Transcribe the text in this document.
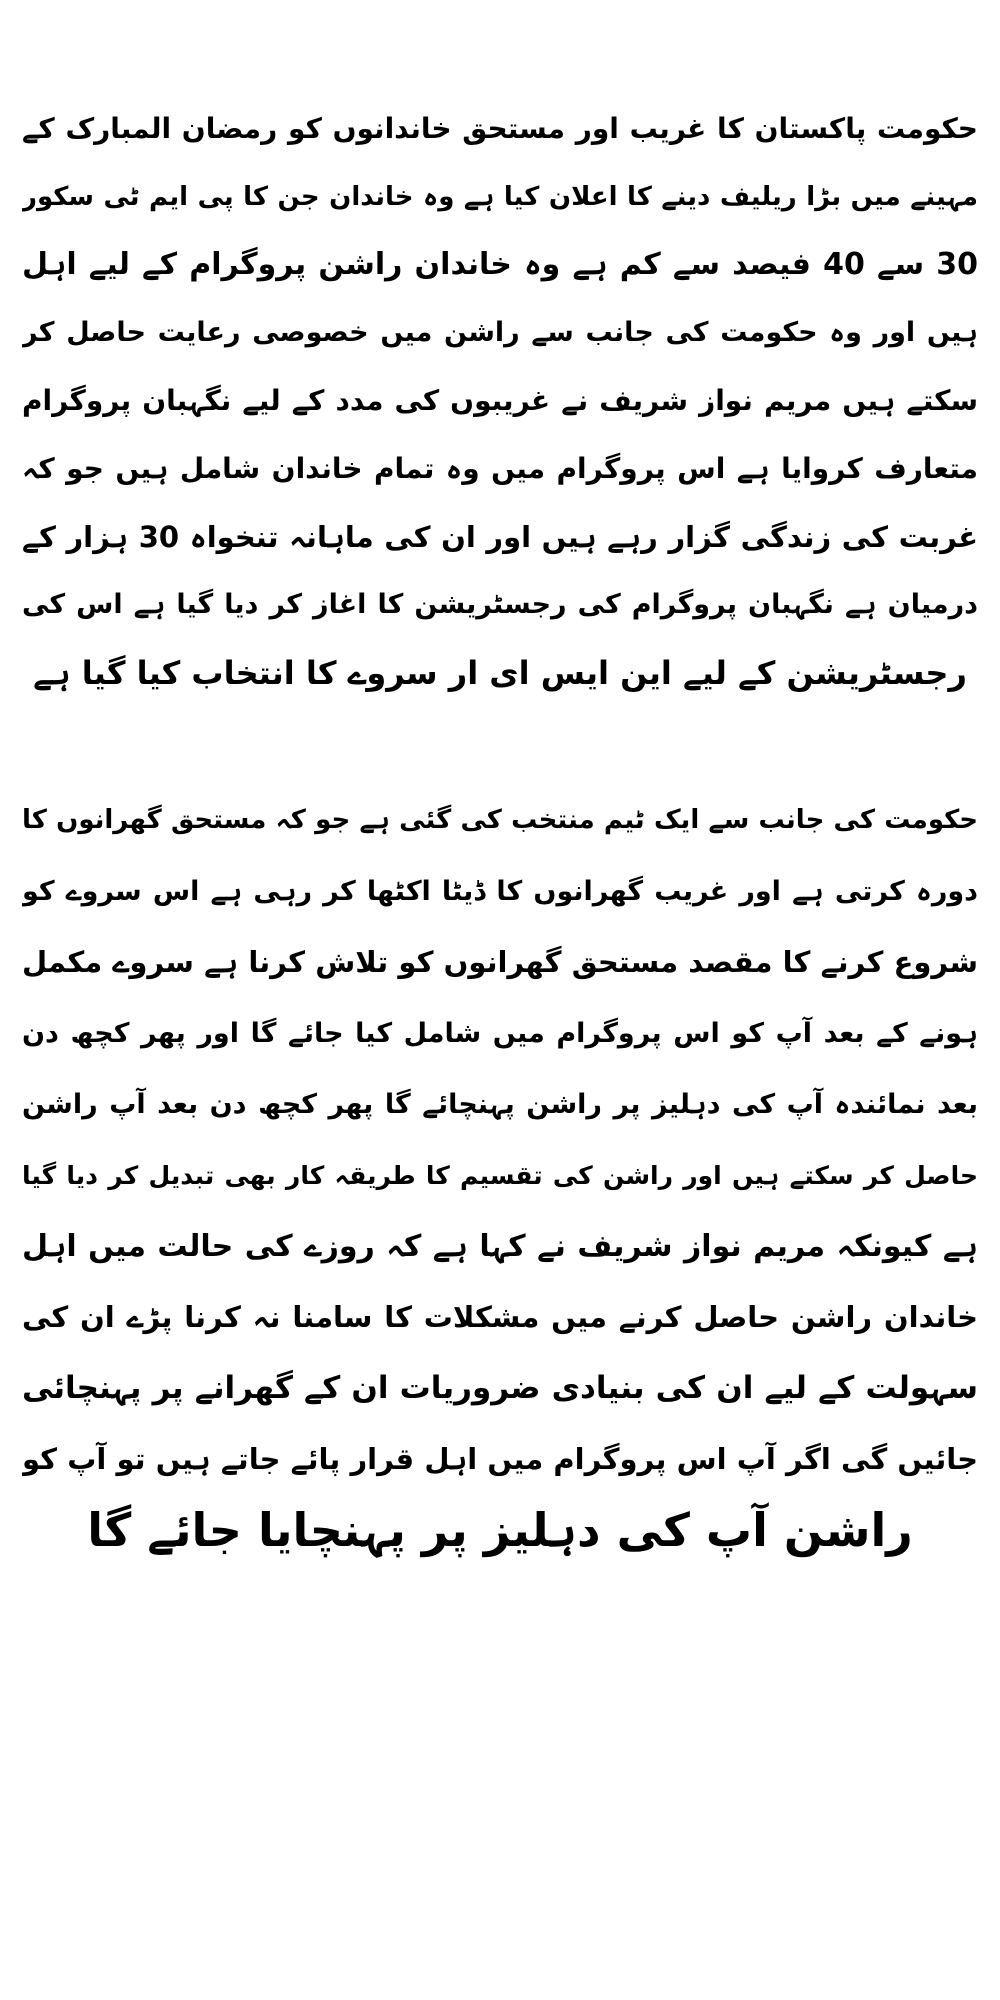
حکومت پاکستان کا غریب اور مستحق خاندانوں کو رمضان المبارک کے
مہینے میں بڑا ریلیف دینے کا اعلان کیا ہے وہ خاندان جن کا پی ایم ٹی سکور
30 سے 40 فیصد سے کم ہے وہ خاندان راشن پروگرام کے لیے اہل
ہیں اور وہ حکومت کی جانب سے راشن میں خصوصی رعایت حاصل کر
سکتے ہیں مریم نواز شریف نے غریبوں کی مدد کے لیے نگہبان پروگرام
متعارف کروایا ہے اس پروگرام میں وہ تمام خاندان شامل ہیں جو کہ
غربت کی زندگی گزار رہے ہیں اور ان کی ماہانہ تنخواہ 30 ہزار کے
درمیان ہے نگہبان پروگرام کی رجسٹریشن کا اغاز کر دیا گیا ہے اس کی
رجسٹریشن کے لیے این ایس ای ار سروے کا انتخاب کیا گیا ہے

حکومت کی جانب سے ایک ٹیم منتخب کی گئی ہے جو کہ مستحق گھرانوں کا
دورہ کرتی ہے اور غریب گھرانوں کا ڈیٹا اکٹھا کر رہی ہے اس سروے کو
شروع کرنے کا مقصد مستحق گھرانوں کو تلاش کرنا ہے سروے مکمل
ہونے کے بعد آپ کو اس پروگرام میں شامل کیا جائے گا اور پھر کچھ دن
بعد نمائندہ آپ کی دہلیز پر راشن پہنچائے گا پھر کچھ دن بعد آپ راشن
حاصل کر سکتے ہیں اور راشن کی تقسیم کا طریقہ کار بھی تبدیل کر دیا گیا
ہے کیونکہ مریم نواز شریف نے کہا ہے کہ روزے کی حالت میں اہل
خاندان راشن حاصل کرنے میں مشکلات کا سامنا نہ کرنا پڑے ان کی
سہولت کے لیے ان کی بنیادی ضروریات ان کے گھرانے پر پہنچائی
جائیں گی اگر آپ اس پروگرام میں اہل قرار پائے جاتے ہیں تو آپ کو
راشن آپ کی دہلیز پر پہنچایا جائے گا
